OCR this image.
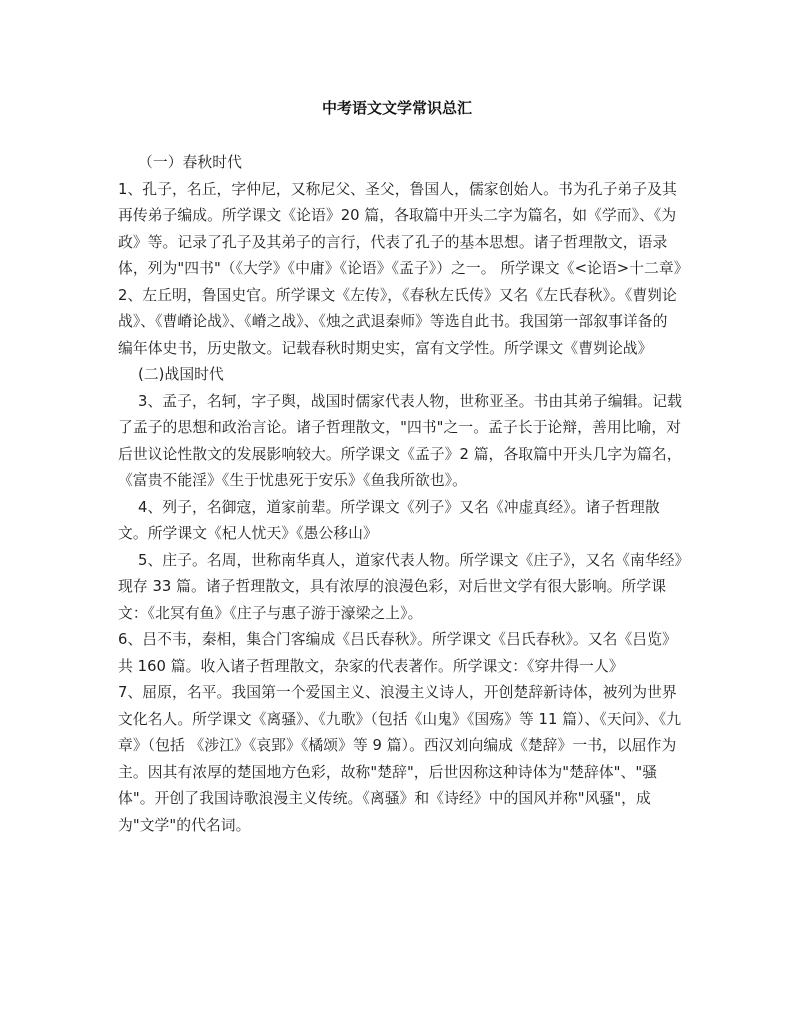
中考语文文学常识总汇

（一）春秋时代

1、孔子，名丘，字仲尼，又称尼父、圣父，鲁国人，儒家创始人。书为孔子弟子及其再传弟子编成。所学课文《论语》20 篇，各取篇中开头二字为篇名，如《学而》、《为政》等。记录了孔子及其弟子的言行，代表了孔子的基本思想。诸子哲理散文，语录体，列为"四书"（《大学》《中庸》《论语》《孟子》）之一。 所学课文《<论语>十二章》

2、左丘明，鲁国史官。所学课文《左传》，《春秋左氏传》又名《左氏春秋》。《曹刿论战》、《曹嵴论战》、《嵴之战》、《烛之武退秦师》等选自此书。我国第一部叙事详备的编年体史书，历史散文。记载春秋时期史实，富有文学性。所学课文《曹刿论战》

(二)战国时代

3、孟子，名轲，字子舆，战国时儒家代表人物，世称亚圣。书由其弟子编辑。记载了孟子的思想和政治言论。诸子哲理散文，"四书"之一。孟子长于论辩，善用比喻，对后世议论性散文的发展影响较大。所学课文《孟子》2 篇，各取篇中开头几字为篇名，《富贵不能淫》《生于忧患死于安乐》《鱼我所欲也》。

4、列子，名御寇，道家前辈。所学课文《列子》又名《冲虚真经》。诸子哲理散文。所学课文《杞人忧天》《愚公移山》

5、庄子。名周，世称南华真人，道家代表人物。所学课文《庄子》，又名《南华经》现存 33 篇。诸子哲理散文，具有浓厚的浪漫色彩，对后世文学有很大影响。所学课文：《北冥有鱼》《庄子与惠子游于濠梁之上》。

6、吕不韦，秦相，集合门客编成《吕氏春秋》。所学课文《吕氏春秋》。又名《吕览》共 160 篇。收入诸子哲理散文，杂家的代表著作。所学课文：《穿井得一人》

7、屈原，名平。我国第一个爱国主义、浪漫主义诗人，开创楚辞新诗体，被列为世界文化名人。所学课文《离骚》、《九歌》（包括《山鬼》《国殇》等 11 篇）、《天问》、《九章》（包括 《涉江》《哀郢》《橘颂》等 9 篇）。西汉刘向编成《楚辞》一书，以屈作为主。因其有浓厚的楚国地方色彩，故称"楚辞"，后世因称这种诗体为"楚辞体"、"骚体"。开创了我国诗歌浪漫主义传统。《离骚》和《诗经》中的国风并称"风骚"，成为"文学"的代名词。
